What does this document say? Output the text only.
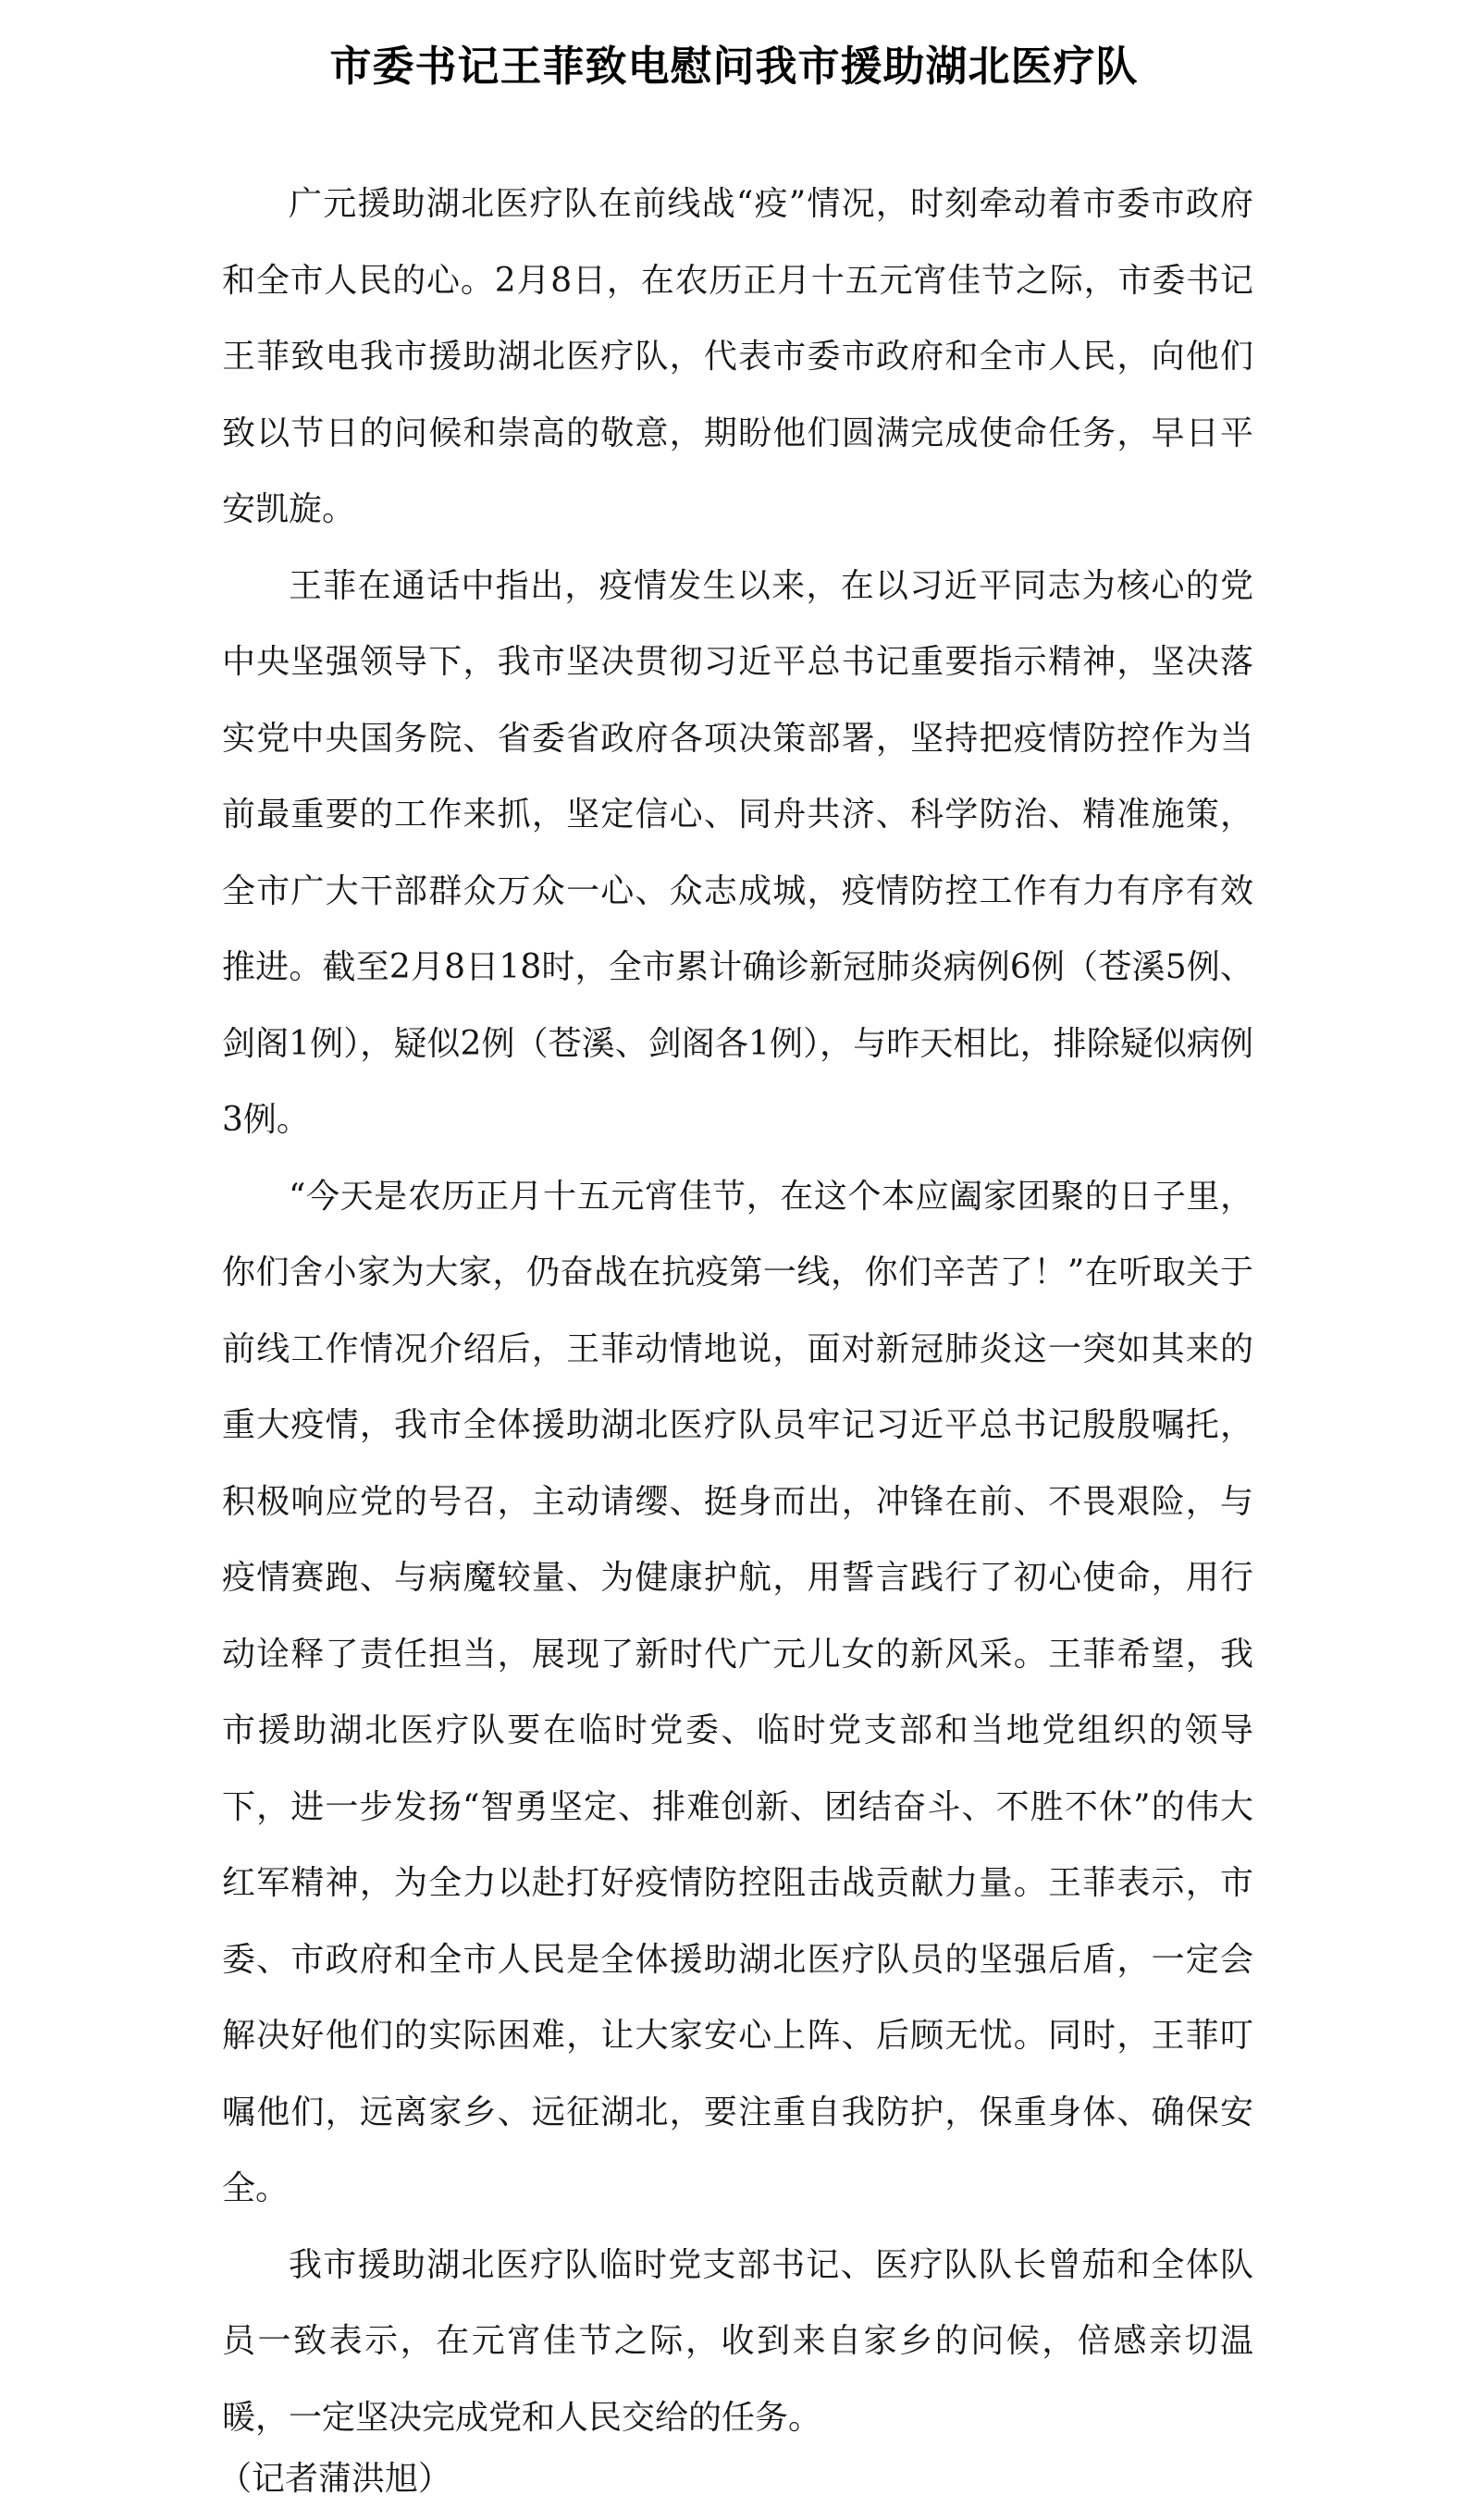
市委书记王菲致电慰问我市援助湖北医疗队

广元援助湖北医疗队在前线战“疫”情况，时刻牵动着市委市政府和全市人民的心。2月8日，在农历正月十五元宵佳节之际，市委书记王菲致电我市援助湖北医疗队，代表市委市政府和全市人民，向他们致以节日的问候和崇高的敬意，期盼他们圆满完成使命任务，早日平安凯旋。

王菲在通话中指出，疫情发生以来，在以习近平同志为核心的党中央坚强领导下，我市坚决贯彻习近平总书记重要指示精神，坚决落实党中央国务院、省委省政府各项决策部署，坚持把疫情防控作为当前最重要的工作来抓，坚定信心、同舟共济、科学防治、精准施策，全市广大干部群众万众一心、众志成城，疫情防控工作有力有序有效推进。截至2月8日18时，全市累计确诊新冠肺炎病例6例（苍溪5例、剑阁1例），疑似2例（苍溪、剑阁各1例），与昨天相比，排除疑似病例3例。

“今天是农历正月十五元宵佳节，在这个本应阖家团聚的日子里，你们舍小家为大家，仍奋战在抗疫第一线，你们辛苦了！”在听取关于前线工作情况介绍后，王菲动情地说，面对新冠肺炎这一突如其来的重大疫情，我市全体援助湖北医疗队员牢记习近平总书记殷殷嘱托，积极响应党的号召，主动请缨、挺身而出，冲锋在前、不畏艰险，与疫情赛跑、与病魔较量、为健康护航，用誓言践行了初心使命，用行动诠释了责任担当，展现了新时代广元儿女的新风采。王菲希望，我市援助湖北医疗队要在临时党委、临时党支部和当地党组织的领导下，进一步发扬“智勇坚定、排难创新、团结奋斗、不胜不休”的伟大红军精神，为全力以赴打好疫情防控阻击战贡献力量。王菲表示，市委、市政府和全市人民是全体援助湖北医疗队员的坚强后盾，一定会解决好他们的实际困难，让大家安心上阵、后顾无忧。同时，王菲叮嘱他们，远离家乡、远征湖北，要注重自我防护，保重身体、确保安全。

我市援助湖北医疗队临时党支部书记、医疗队队长曾茄和全体队员一致表示，在元宵佳节之际，收到来自家乡的问候，倍感亲切温暖，一定坚决完成党和人民交给的任务。

（记者蒲洪旭）
